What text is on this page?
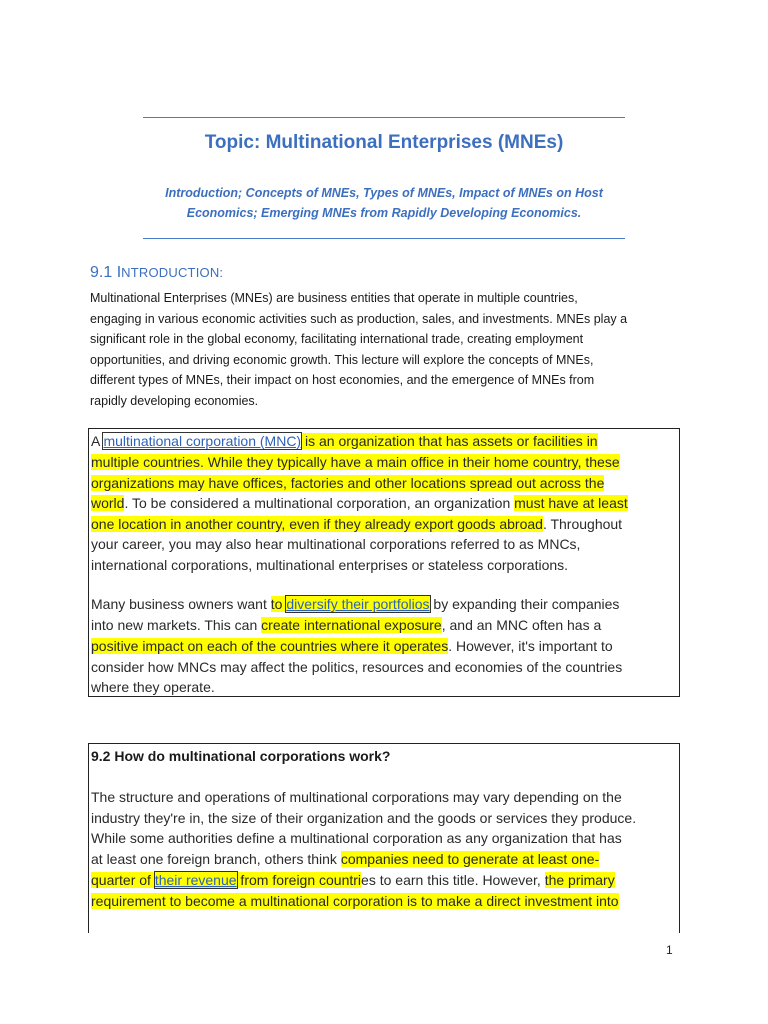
Topic: Multinational Enterprises (MNEs)
Introduction; Concepts of MNEs, Types of MNEs, Impact of MNEs on Host
Economics; Emerging MNEs from Rapidly Developing Economics.
9.1 INTRODUCTION:
Multinational Enterprises (MNEs) are business entities that operate in multiple countries,
engaging in various economic activities such as production, sales, and investments. MNEs play a
significant role in the global economy, facilitating international trade, creating employment
opportunities, and driving economic growth. This lecture will explore the concepts of MNEs,
different types of MNEs, their impact on host economies, and the emergence of MNEs from
rapidly developing economies.
A multinational corporation (MNC) is an organization that has assets or facilities in
multiple countries. While they typically have a main office in their home country, these
organizations may have offices, factories and other locations spread out across the
world. To be considered a multinational corporation, an organization must have at least
one location in another country, even if they already export goods abroad. Throughout
your career, you may also hear multinational corporations referred to as MNCs,
international corporations, multinational enterprises or stateless corporations.
Many business owners want to diversify their portfolios by expanding their companies
into new markets. This can create international exposure, and an MNC often has a
positive impact on each of the countries where it operates. However, it's important to
consider how MNCs may affect the politics, resources and economies of the countries
where they operate.
9.2 How do multinational corporations work?
The structure and operations of multinational corporations may vary depending on the
industry they're in, the size of their organization and the goods or services they produce.
While some authorities define a multinational corporation as any organization that has
at least one foreign branch, others think companies need to generate at least one-
quarter of their revenue from foreign countries to earn this title. However, the primary
requirement to become a multinational corporation is to make a direct investment into
1
